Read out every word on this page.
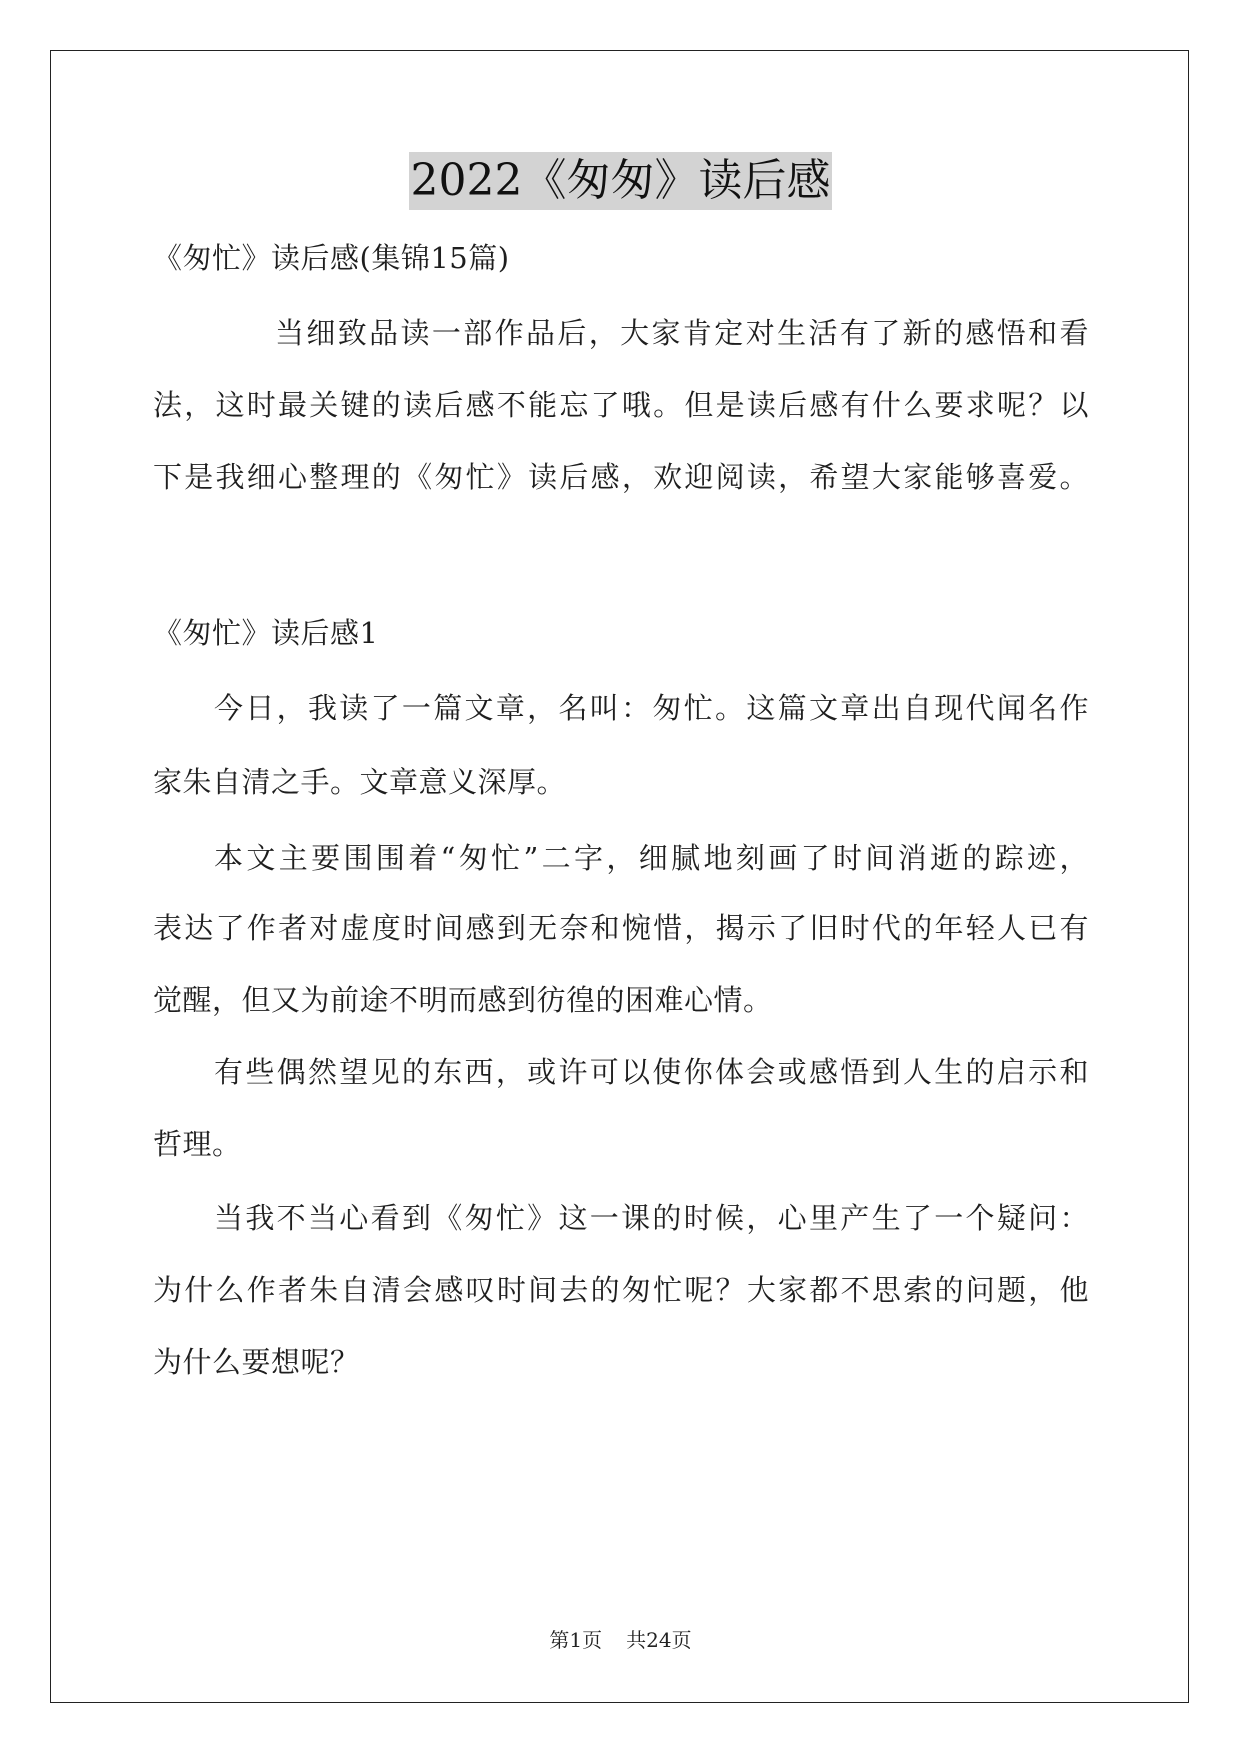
2022《匆匆》读后感
《匆忙》读后感(集锦15篇)
当细致品读一部作品后，大家肯定对生活有了新的感悟和看
法，这时最关键的读后感不能忘了哦。但是读后感有什么要求呢？以
下是我细心整理的《匆忙》读后感，欢迎阅读，希望大家能够喜爱。
《匆忙》读后感1
今日，我读了一篇文章，名叫：匆忙。这篇文章出自现代闻名作
家朱自清之手。文章意义深厚。
本文主要围围着“匆忙”二字，细腻地刻画了时间消逝的踪迹，
表达了作者对虚度时间感到无奈和惋惜，揭示了旧时代的年轻人已有
觉醒，但又为前途不明而感到彷徨的困难心情。
有些偶然望见的东西，或许可以使你体会或感悟到人生的启示和
哲理。
当我不当心看到《匆忙》这一课的时候，心里产生了一个疑问：
为什么作者朱自清会感叹时间去的匆忙呢？大家都不思索的问题，他
为什么要想呢？
第1页 共24页
